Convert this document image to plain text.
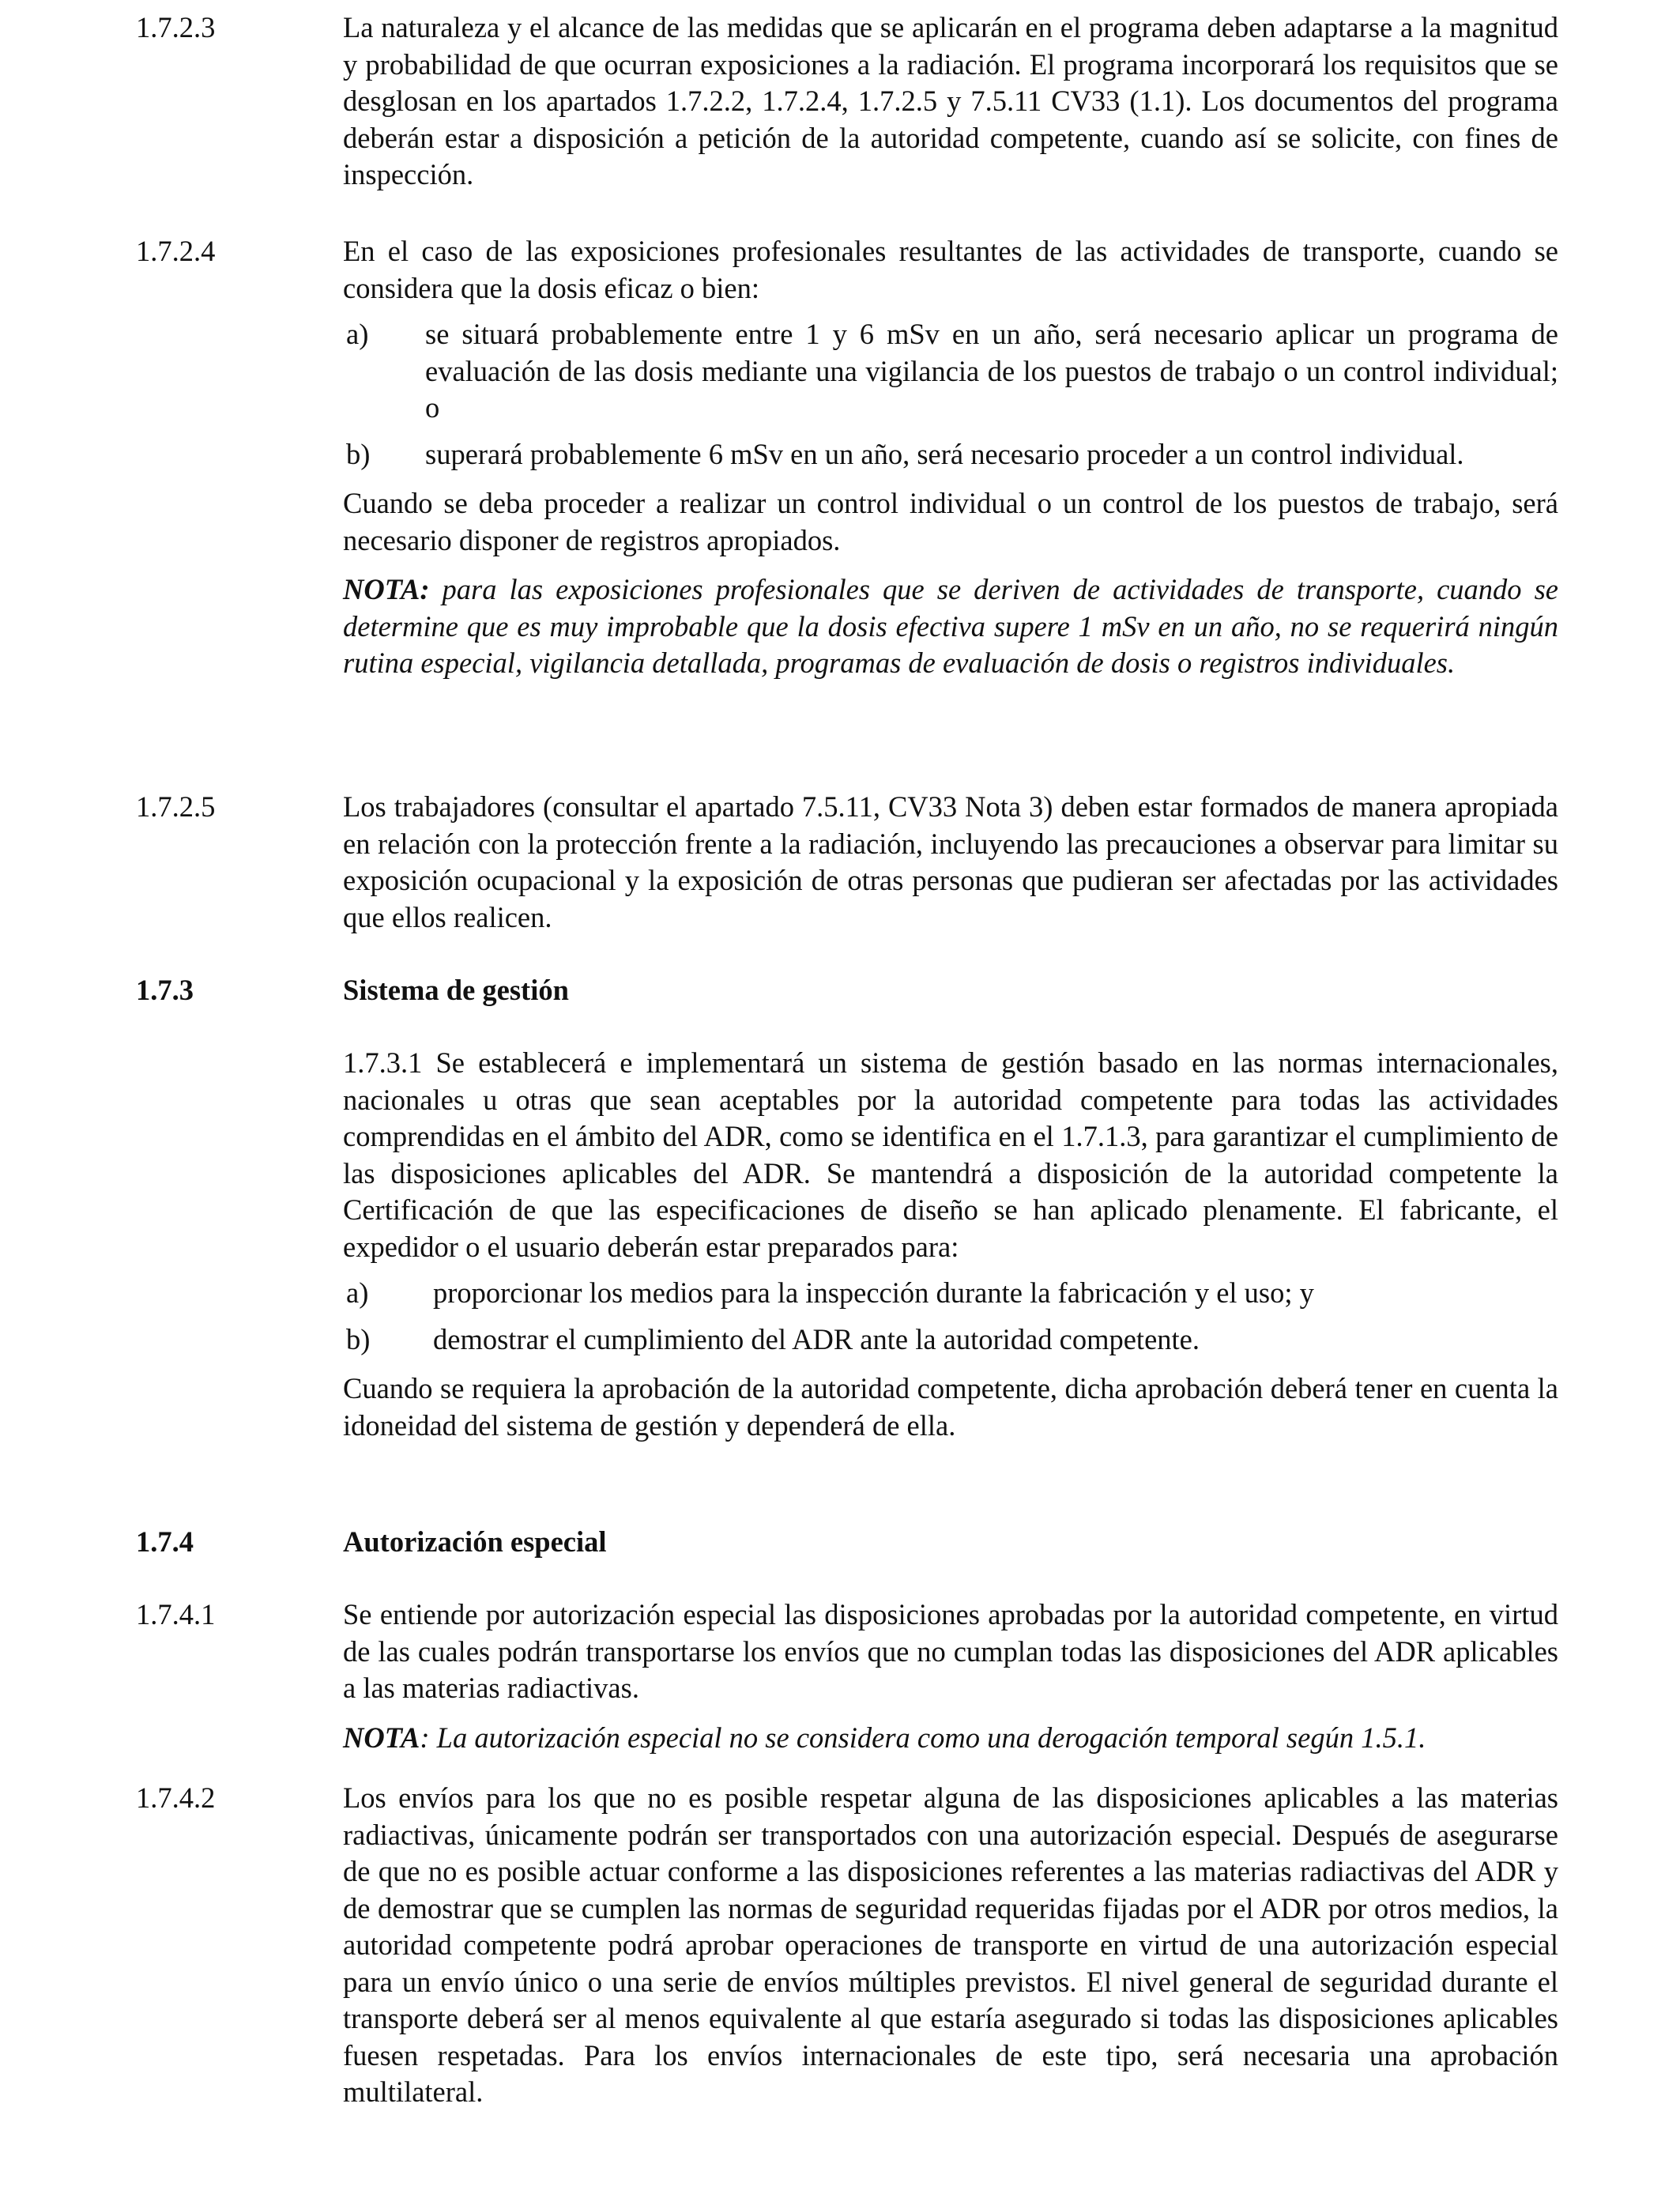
1.7.2.3	La naturaleza y el alcance de las medidas que se aplicarán en el programa deben adaptarse a la magnitud y probabilidad de que ocurran exposiciones a la radiación. El programa incorporará los requisitos que se desglosan en los apartados 1.7.2.2, 1.7.2.4, 1.7.2.5 y 7.5.11 CV33 (1.1). Los documentos del programa deberán estar a disposición a petición de la autoridad competente, cuando así se solicite, con fines de inspección.

1.7.2.4	En el caso de las exposiciones profesionales resultantes de las actividades de transporte, cuando se considera que la dosis eficaz o bien:

a) se situará probablemente entre 1 y 6 mSv en un año, será necesario aplicar un programa de evaluación de las dosis mediante una vigilancia de los puestos de trabajo o un control individual; o
b) superará probablemente 6 mSv en un año, será necesario proceder a un control individual.

Cuando se deba proceder a realizar un control individual o un control de los puestos de trabajo, será necesario disponer de registros apropiados.

NOTA: para las exposiciones profesionales que se deriven de actividades de transporte, cuando se determine que es muy improbable que la dosis efectiva supere 1 mSv en un año, no se requerirá ningún rutina especial, vigilancia detallada, programas de evaluación de dosis o registros individuales.

1.7.2.5	Los trabajadores (consultar el apartado 7.5.11, CV33 Nota 3) deben estar formados de manera apropiada en relación con la protección frente a la radiación, incluyendo las precauciones a observar para limitar su exposición ocupacional y la exposición de otras personas que pudieran ser afectadas por las actividades que ellos realicen.

1.7.3	Sistema de gestión

1.7.3.1 Se establecerá e implementará un sistema de gestión basado en las normas internacionales, nacionales u otras que sean aceptables por la autoridad competente para todas las actividades comprendidas en el ámbito del ADR, como se identifica en el 1.7.1.3, para garantizar el cumplimiento de las disposiciones aplicables del ADR. Se mantendrá a disposición de la autoridad competente la Certificación de que las especificaciones de diseño se han aplicado plenamente. El fabricante, el expedidor o el usuario deberán estar preparados para:

a) proporcionar los medios para la inspección durante la fabricación y el uso; y
b) demostrar el cumplimiento del ADR ante la autoridad competente.

Cuando se requiera la aprobación de la autoridad competente, dicha aprobación deberá tener en cuenta la idoneidad del sistema de gestión y dependerá de ella.

1.7.4	Autorización especial
1.7.4.1	Se entiende por autorización especial las disposiciones aprobadas por la autoridad competente, en virtud de las cuales podrán transportarse los envíos que no cumplan todas las disposiciones del ADR aplicables a las materias radiactivas.

NOTA: La autorización especial no se considera como una derogación temporal según 1.5.1.

1.7.4.2	Los envíos para los que no es posible respetar alguna de las disposiciones aplicables a las materias radiactivas, únicamente podrán ser transportados con una autorización especial. Después de asegurarse de que no es posible actuar conforme a las disposiciones referentes a las materias radiactivas del ADR y de demostrar que se cumplen las normas de seguridad requeridas fijadas por el ADR por otros medios, la autoridad competente podrá aprobar operaciones de transporte en virtud de una autorización especial para un envío único o una serie de envíos múltiples previstos. El nivel general de seguridad durante el transporte deberá ser al menos equivalente al que estaría asegurado si todas las disposiciones aplicables fuesen respetadas. Para los envíos internacionales de este tipo, será necesaria una aprobación multilateral.
